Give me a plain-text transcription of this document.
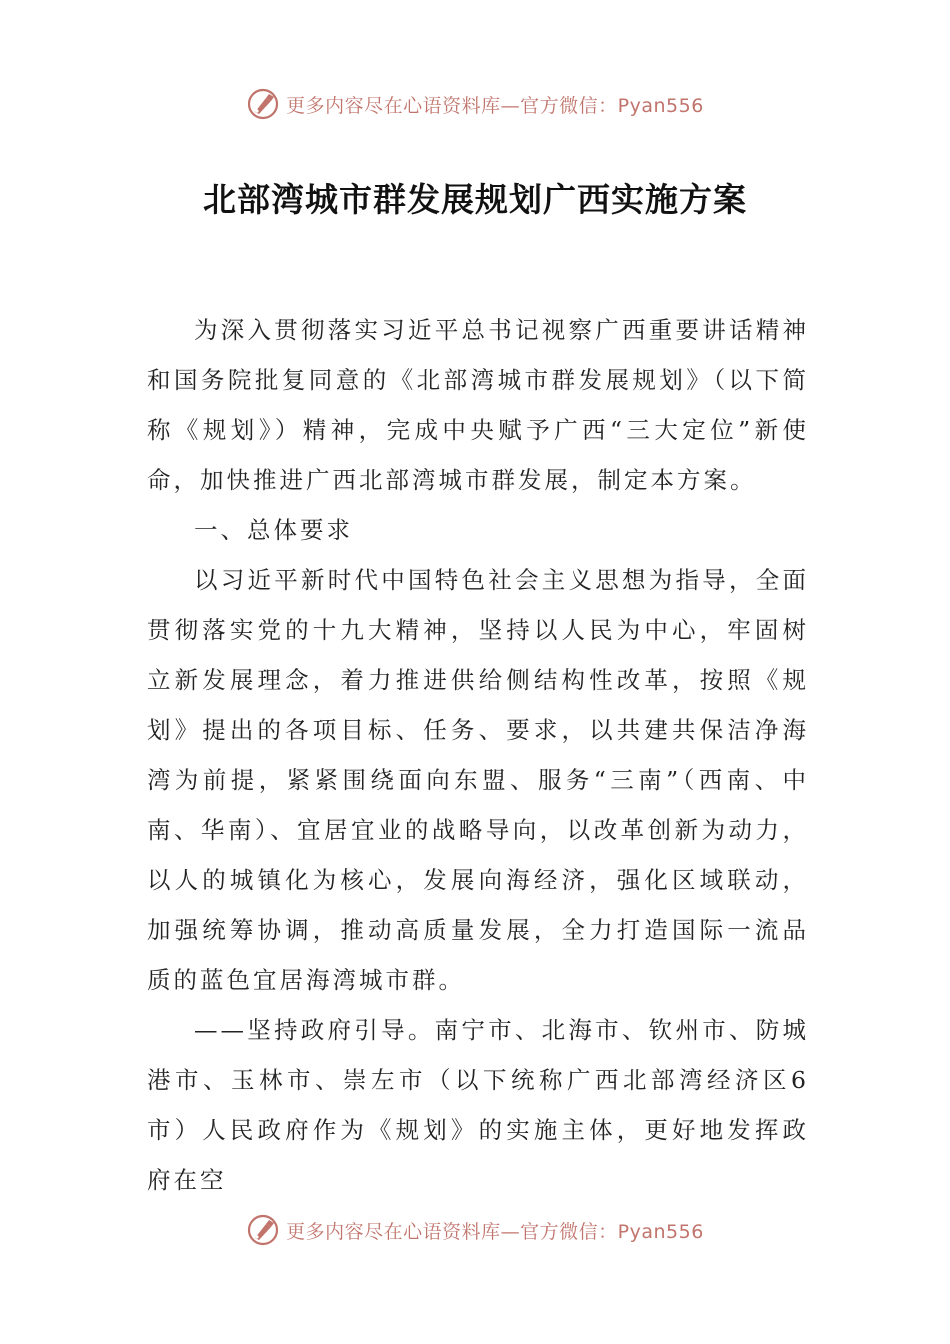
更多内容尽在心语资料库—官方微信：Pyan556
北部湾城市群发展规划广西实施方案

为深入贯彻落实习近平总书记视察广西重要讲话精神和国务院批复同意的《北部湾城市群发展规划》（以下简称《规划》）精神，完成中央赋予广西“三大定位”新使命，加快推进广西北部湾城市群发展，制定本方案。

一、总体要求

以习近平新时代中国特色社会主义思想为指导，全面贯彻落实党的十九大精神，坚持以人民为中心，牢固树立新发展理念，着力推进供给侧结构性改革，按照《规划》提出的各项目标、任务、要求，以共建共保洁净海湾为前提，紧紧围绕面向东盟、服务“三南”（西南、中南、华南）、宜居宜业的战略导向，以改革创新为动力，以人的城镇化为核心，发展向海经济，强化区域联动，加强统筹协调，推动高质量发展，全力打造国际一流品质的蓝色宜居海湾城市群。

——坚持政府引导。南宁市、北海市、钦州市、防城港市、玉林市、崇左市（以下统称广西北部湾经济区6市）人民政府作为《规划》的实施主体，更好地发挥政府在空

更多内容尽在心语资料库—官方微信：Pyan556
